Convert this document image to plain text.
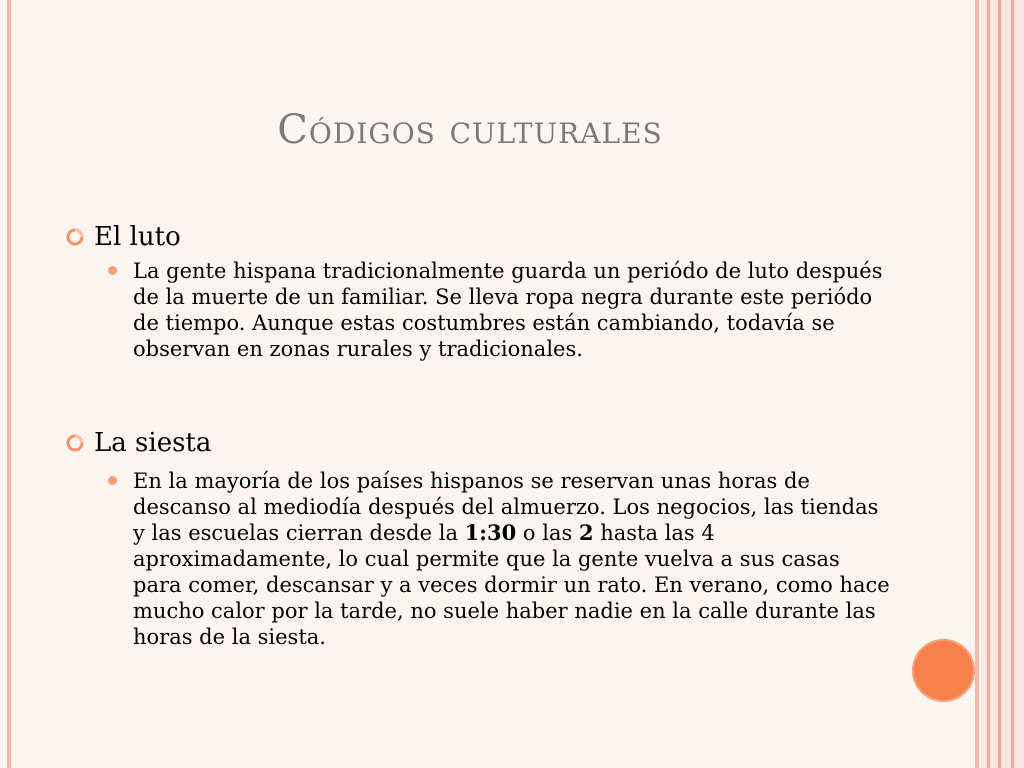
Códigos culturales
El luto
La gente hispana tradicionalmente guarda un periódo de luto después de la muerte de un familiar. Se lleva ropa negra durante este periódo de tiempo. Aunque estas costumbres están cambiando, todavía se observan en zonas rurales y tradicionales.
La siesta
En la mayoría de los países hispanos se reservan unas horas de descanso al mediodía después del almuerzo. Los negocios, las tiendas y las escuelas cierran desde la 1:30 o las 2 hasta las 4 aproximadamente, lo cual permite que la gente vuelva a sus casas para comer, descansar y a veces dormir un rato. En verano, como hace mucho calor por la tarde, no suele haber nadie en la calle durante las horas de la siesta.
